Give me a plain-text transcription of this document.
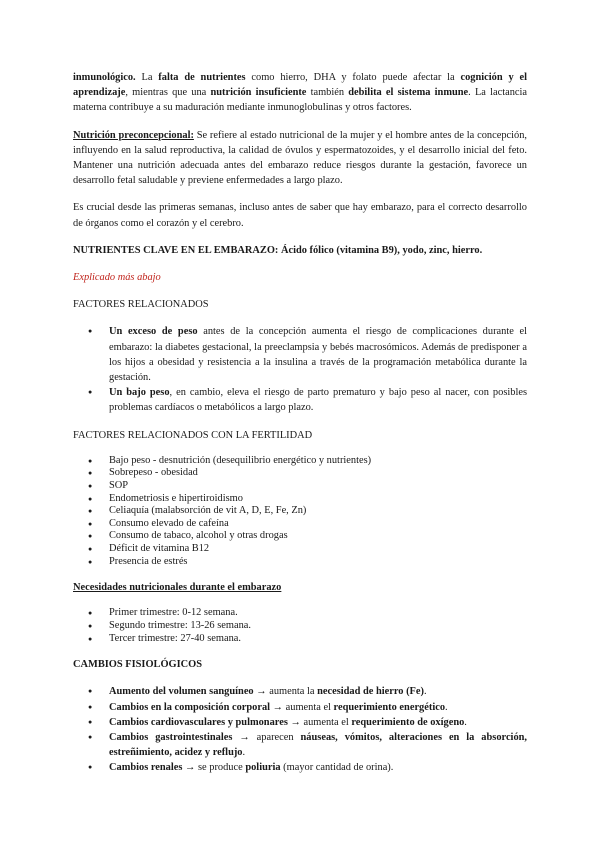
inmunológico. La falta de nutrientes como hierro, DHA y folato puede afectar la cognición y el aprendizaje, mientras que una nutrición insuficiente también debilita el sistema inmune. La lactancia materna contribuye a su maduración mediante inmunoglobulinas y otros factores.

Nutrición preconcepcional: Se refiere al estado nutricional de la mujer y el hombre antes de la concepción, influyendo en la salud reproductiva, la calidad de óvulos y espermatozoides, y el desarrollo inicial del feto. Mantener una nutrición adecuada antes del embarazo reduce riesgos durante la gestación, favorece un desarrollo fetal saludable y previene enfermedades a largo plazo.

Es crucial desde las primeras semanas, incluso antes de saber que hay embarazo, para el correcto desarrollo de órganos como el corazón y el cerebro.

NUTRIENTES CLAVE EN EL EMBARAZO: Ácido fólico (vitamina B9), yodo, zinc, hierro.

Explicado más abajo

FACTORES RELACIONADOS

● Un exceso de peso antes de la concepción aumenta el riesgo de complicaciones durante el embarazo: la diabetes gestacional, la preeclampsia y bebés macrosómicos. Además de predisponer a los hijos a obesidad y resistencia a la insulina a través de la programación metabólica durante la gestación.
● Un bajo peso, en cambio, eleva el riesgo de parto prematuro y bajo peso al nacer, con posibles problemas cardíacos o metabólicos a largo plazo.

FACTORES RELACIONADOS CON LA FERTILIDAD

● Bajo peso - desnutrición (desequilibrio energético y nutrientes)
● Sobrepeso - obesidad
● SOP
● Endometriosis e hipertiroidismo
● Celiaquía (malabsorción de vit A, D, E, Fe, Zn)
● Consumo elevado de cafeína
● Consumo de tabaco, alcohol y otras drogas
● Déficit de vitamina B12
● Presencia de estrés

Necesidades nutricionales durante el embarazo

● Primer trimestre: 0-12 semana.
● Segundo trimestre: 13-26 semana.
● Tercer trimestre: 27-40 semana.

CAMBIOS FISIOLÓGICOS

● Aumento del volumen sanguíneo → aumenta la necesidad de hierro (Fe).
● Cambios en la composición corporal → aumenta el requerimiento energético.
● Cambios cardiovasculares y pulmonares → aumenta el requerimiento de oxígeno.
● Cambios gastrointestinales → aparecen náuseas, vómitos, alteraciones en la absorción, estreñimiento, acidez y reflujo.
● Cambios renales → se produce poliuria (mayor cantidad de orina).
